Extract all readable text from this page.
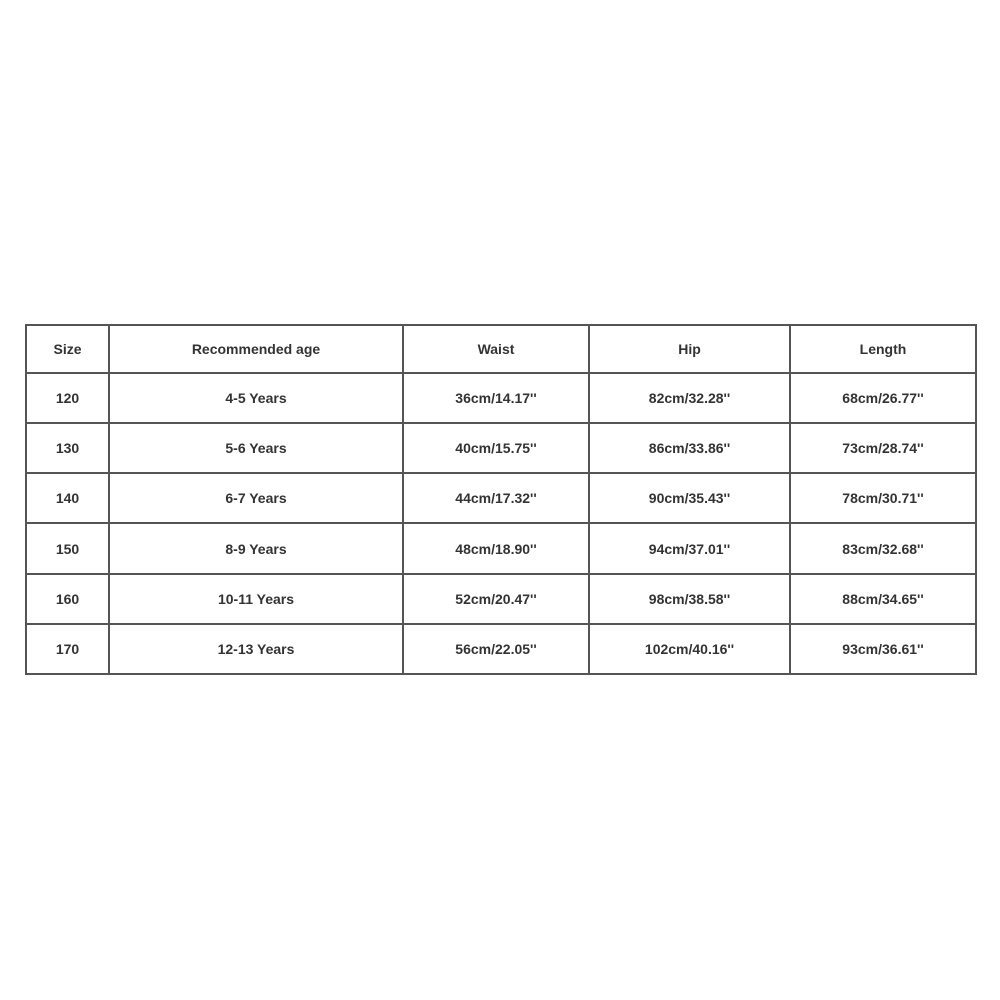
Size	Recommended age	Waist	Hip	Length
120	4-5 Years	36cm/14.17''	82cm/32.28''	68cm/26.77''
130	5-6 Years	40cm/15.75''	86cm/33.86''	73cm/28.74''
140	6-7 Years	44cm/17.32''	90cm/35.43''	78cm/30.71''
150	8-9 Years	48cm/18.90''	94cm/37.01''	83cm/32.68''
160	10-11 Years	52cm/20.47''	98cm/38.58''	88cm/34.65''
170	12-13 Years	56cm/22.05''	102cm/40.16''	93cm/36.61''
